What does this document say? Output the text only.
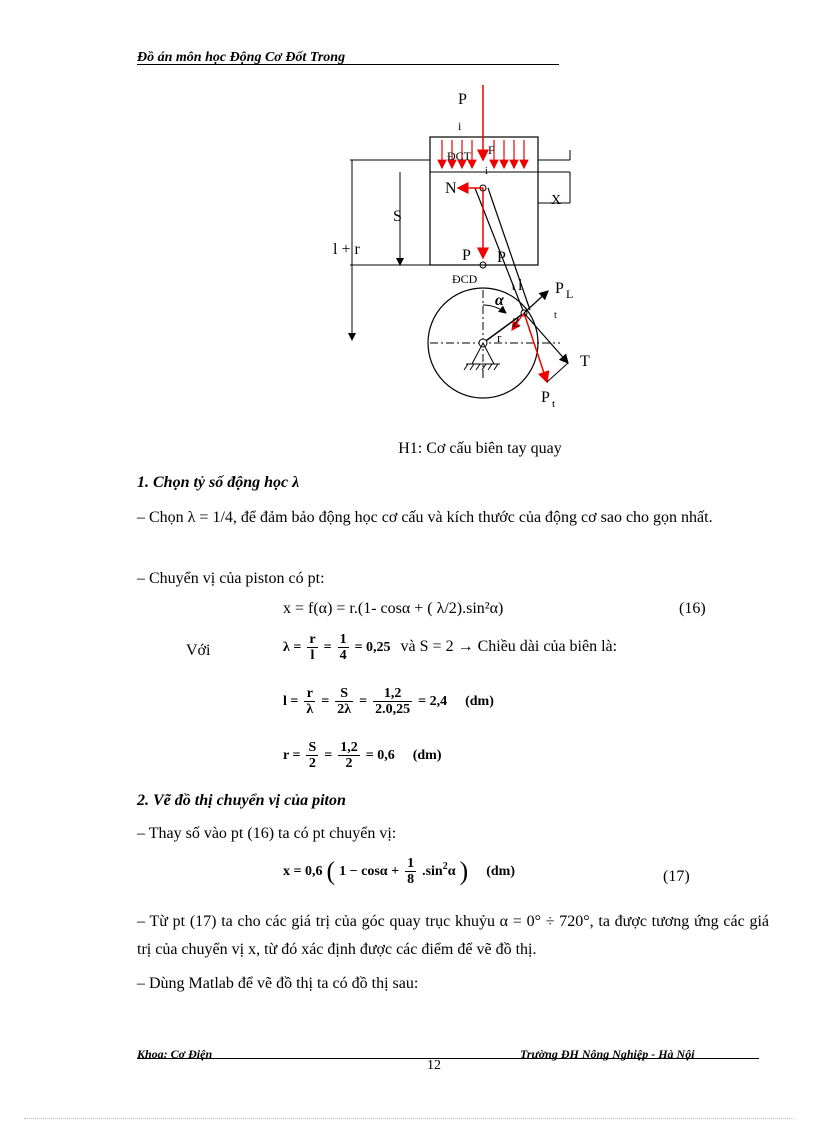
Đồ án môn học Động Cơ Đốt Trong
P
i
ĐCT F
i
N
X
S
l + r	P P
t l
ĐCD
α
Z
r
P L
t
T
P t
H1: Cơ cấu biên tay quay
1. Chọn tỷ số động học λ
– Chọn λ = 1/4, để đảm bảo động học cơ cấu và kích thước của động cơ sao cho gọn nhất.
– Chuyển vị của piston có pt:
x = f(α) = r.(1- cosα + ( λ/2).sin²α)	(16)
Với	$\lambda = \frac{r}{l} = \frac{1}{4} = 0,25$ và S = 2 → Chiều dài của biên là:
$l = \frac{r}{\lambda} = \frac{S}{2\lambda} = \frac{1,2}{2.0,25} = 2,4$ (dm)
$r = \frac{S}{2} = \frac{1,2}{2} = 0,6$ (dm)
2. Vẽ đồ thị chuyển vị của piton
– Thay số vào pt (16) ta có pt chuyển vị:
x = 0,6 ( $1 - \cos\alpha + \frac{1}{8} .\sin^2\alpha$ ) (dm)	(17)
– Từ pt (17) ta cho các giá trị của góc quay trục khuỷu α = 0° ÷ 720°, ta được tương ứng các giá trị của chuyển vị x, từ đó xác định được các điểm để vẽ đồ thị.
– Dùng Matlab để vẽ đồ thị ta có đồ thị sau:
Khoa: Cơ Điện	Trường ĐH Nông Nghiệp - Hà Nội
12
